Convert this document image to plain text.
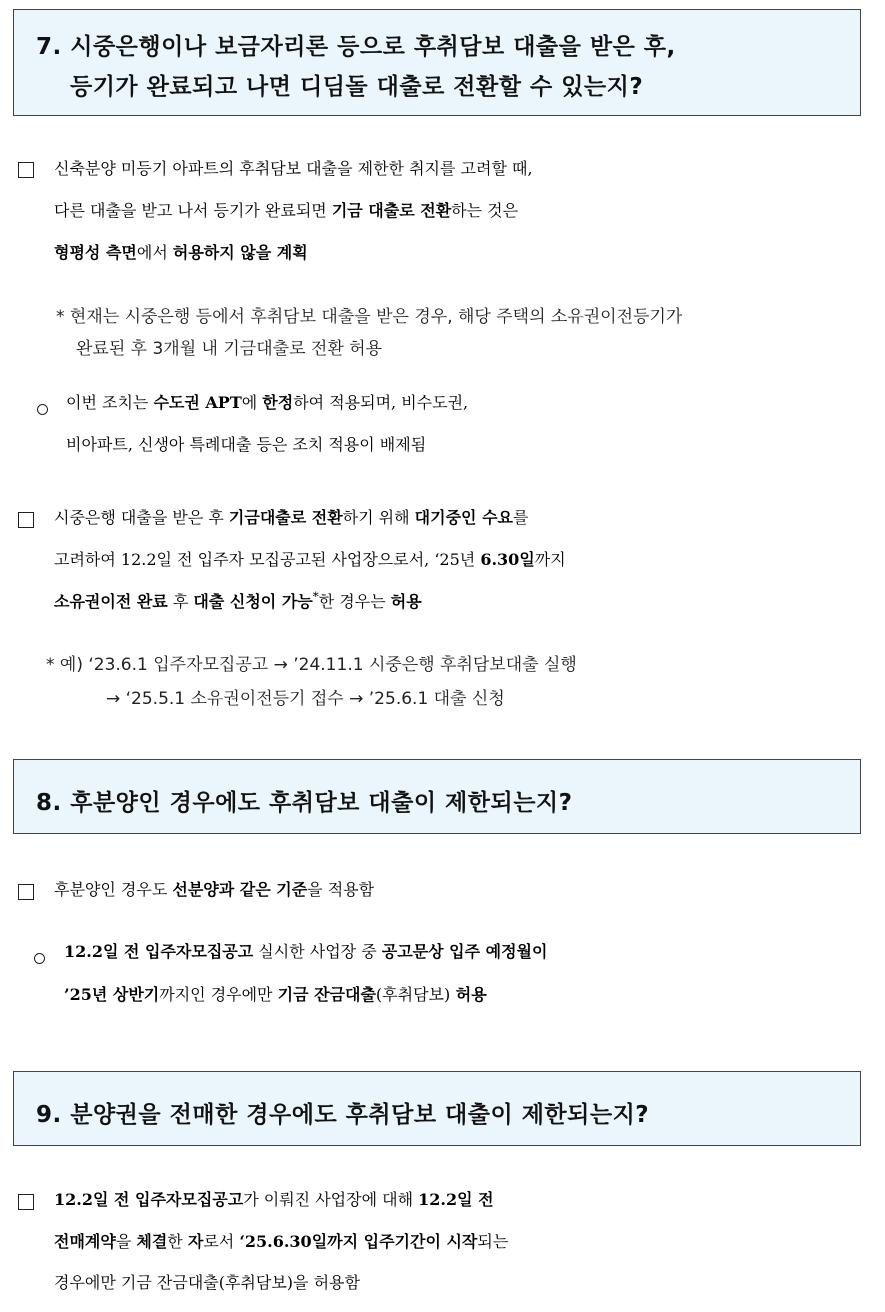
7. 시중은행이나 보금자리론 등으로 후취담보 대출을 받은 후,
등기가 완료되고 나면 디딤돌 대출로 전환할 수 있는지?
신축분양 미등기 아파트의 후취담보 대출을 제한한 취지를 고려할 때,
다른 대출을 받고 나서 등기가 완료되면 기금 대출로 전환하는 것은
형평성 측면에서 허용하지 않을 계획
* 현재는 시중은행 등에서 후취담보 대출을 받은 경우, 해당 주택의 소유권이전등기가
완료된 후 3개월 내 기금대출로 전환 허용
이번 조치는 수도권 APT에 한정하여 적용되며, 비수도권,
비아파트, 신생아 특례대출 등은 조치 적용이 배제됨
시중은행 대출을 받은 후 기금대출로 전환하기 위해 대기중인 수요를
고려하여 12.2일 전 입주자 모집공고된 사업장으로서, ‘25년 6.30일까지
소유권이전 완료 후 대출 신청이 가능*한 경우는 허용
* 예) ‘23.6.1 입주자모집공고 → ’24.11.1 시중은행 후취담보대출 실행
→ ‘25.5.1 소유권이전등기 접수 → ’25.6.1 대출 신청
8. 후분양인 경우에도 후취담보 대출이 제한되는지?
후분양인 경우도 선분양과 같은 기준을 적용함
12.2일 전 입주자모집공고 실시한 사업장 중 공고문상 입주 예정월이
’25년 상반기까지인 경우에만 기금 잔금대출(후취담보) 허용
9. 분양권을 전매한 경우에도 후취담보 대출이 제한되는지?
12.2일 전 입주자모집공고가 이뤄진 사업장에 대해 12.2일 전
전매계약을 체결한 자로서 ‘25.6.30일까지 입주기간이 시작되는
경우에만 기금 잔금대출(후취담보)을 허용함
